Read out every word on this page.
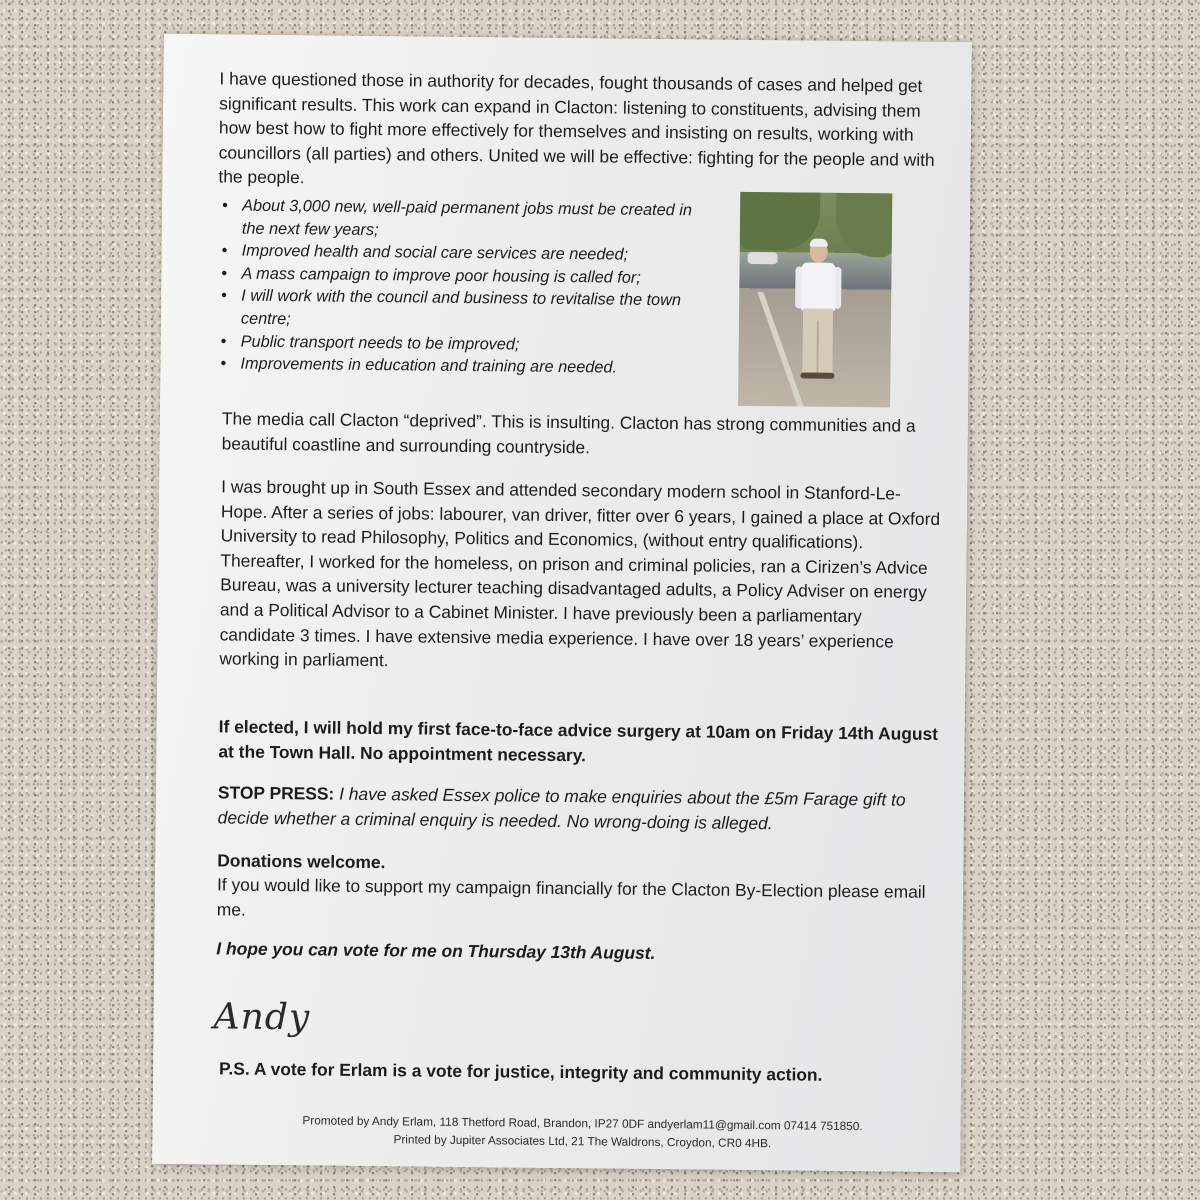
I have questioned those in authority for decades, fought thousands of cases and helped get significant results. This work can expand in Clacton: listening to constituents, advising them how best how to fight more effectively for themselves and insisting on results, working with councillors (all parties) and others. United we will be effective: fighting for the people and with the people.

• About 3,000 new, well-paid permanent jobs must be created in the next few years;
• Improved health and social care services are needed;
• A mass campaign to improve poor housing is called for;
• I will work with the council and business to revitalise the town centre;
• Public transport needs to be improved;
• Improvements in education and training are needed.

The media call Clacton “deprived”. This is insulting. Clacton has strong communities and a beautiful coastline and surrounding countryside.

I was brought up in South Essex and attended secondary modern school in Stanford-Le-Hope. After a series of jobs: labourer, van driver, fitter over 6 years, I gained a place at Oxford University to read Philosophy, Politics and Economics, (without entry qualifications). Thereafter, I worked for the homeless, on prison and criminal policies, ran a Cirizen’s Advice Bureau, was a university lecturer teaching disadvantaged adults, a Policy Adviser on energy and a Political Advisor to a Cabinet Minister. I have previously been a parliamentary candidate 3 times. I have extensive media experience. I have over 18 years’ experience working in parliament.

If elected, I will hold my first face-to-face advice surgery at 10am on Friday 14th August at the Town Hall. No appointment necessary.

STOP PRESS: I have asked Essex police to make enquiries about the £5m Farage gift to decide whether a criminal enquiry is needed. No wrong-doing is alleged.

Donations welcome.

If you would like to support my campaign financially for the Clacton By-Election please email me.

I hope you can vote for me on Thursday 13th August.

Andy

P.S. A vote for Erlam is a vote for justice, integrity and community action.

Promoted by Andy Erlam, 118 Thetford Road, Brandon, IP27 0DF andyerlam11@gmail.com 07414 751850.
Printed by Jupiter Associates Ltd, 21 The Waldrons, Croydon, CR0 4HB.
